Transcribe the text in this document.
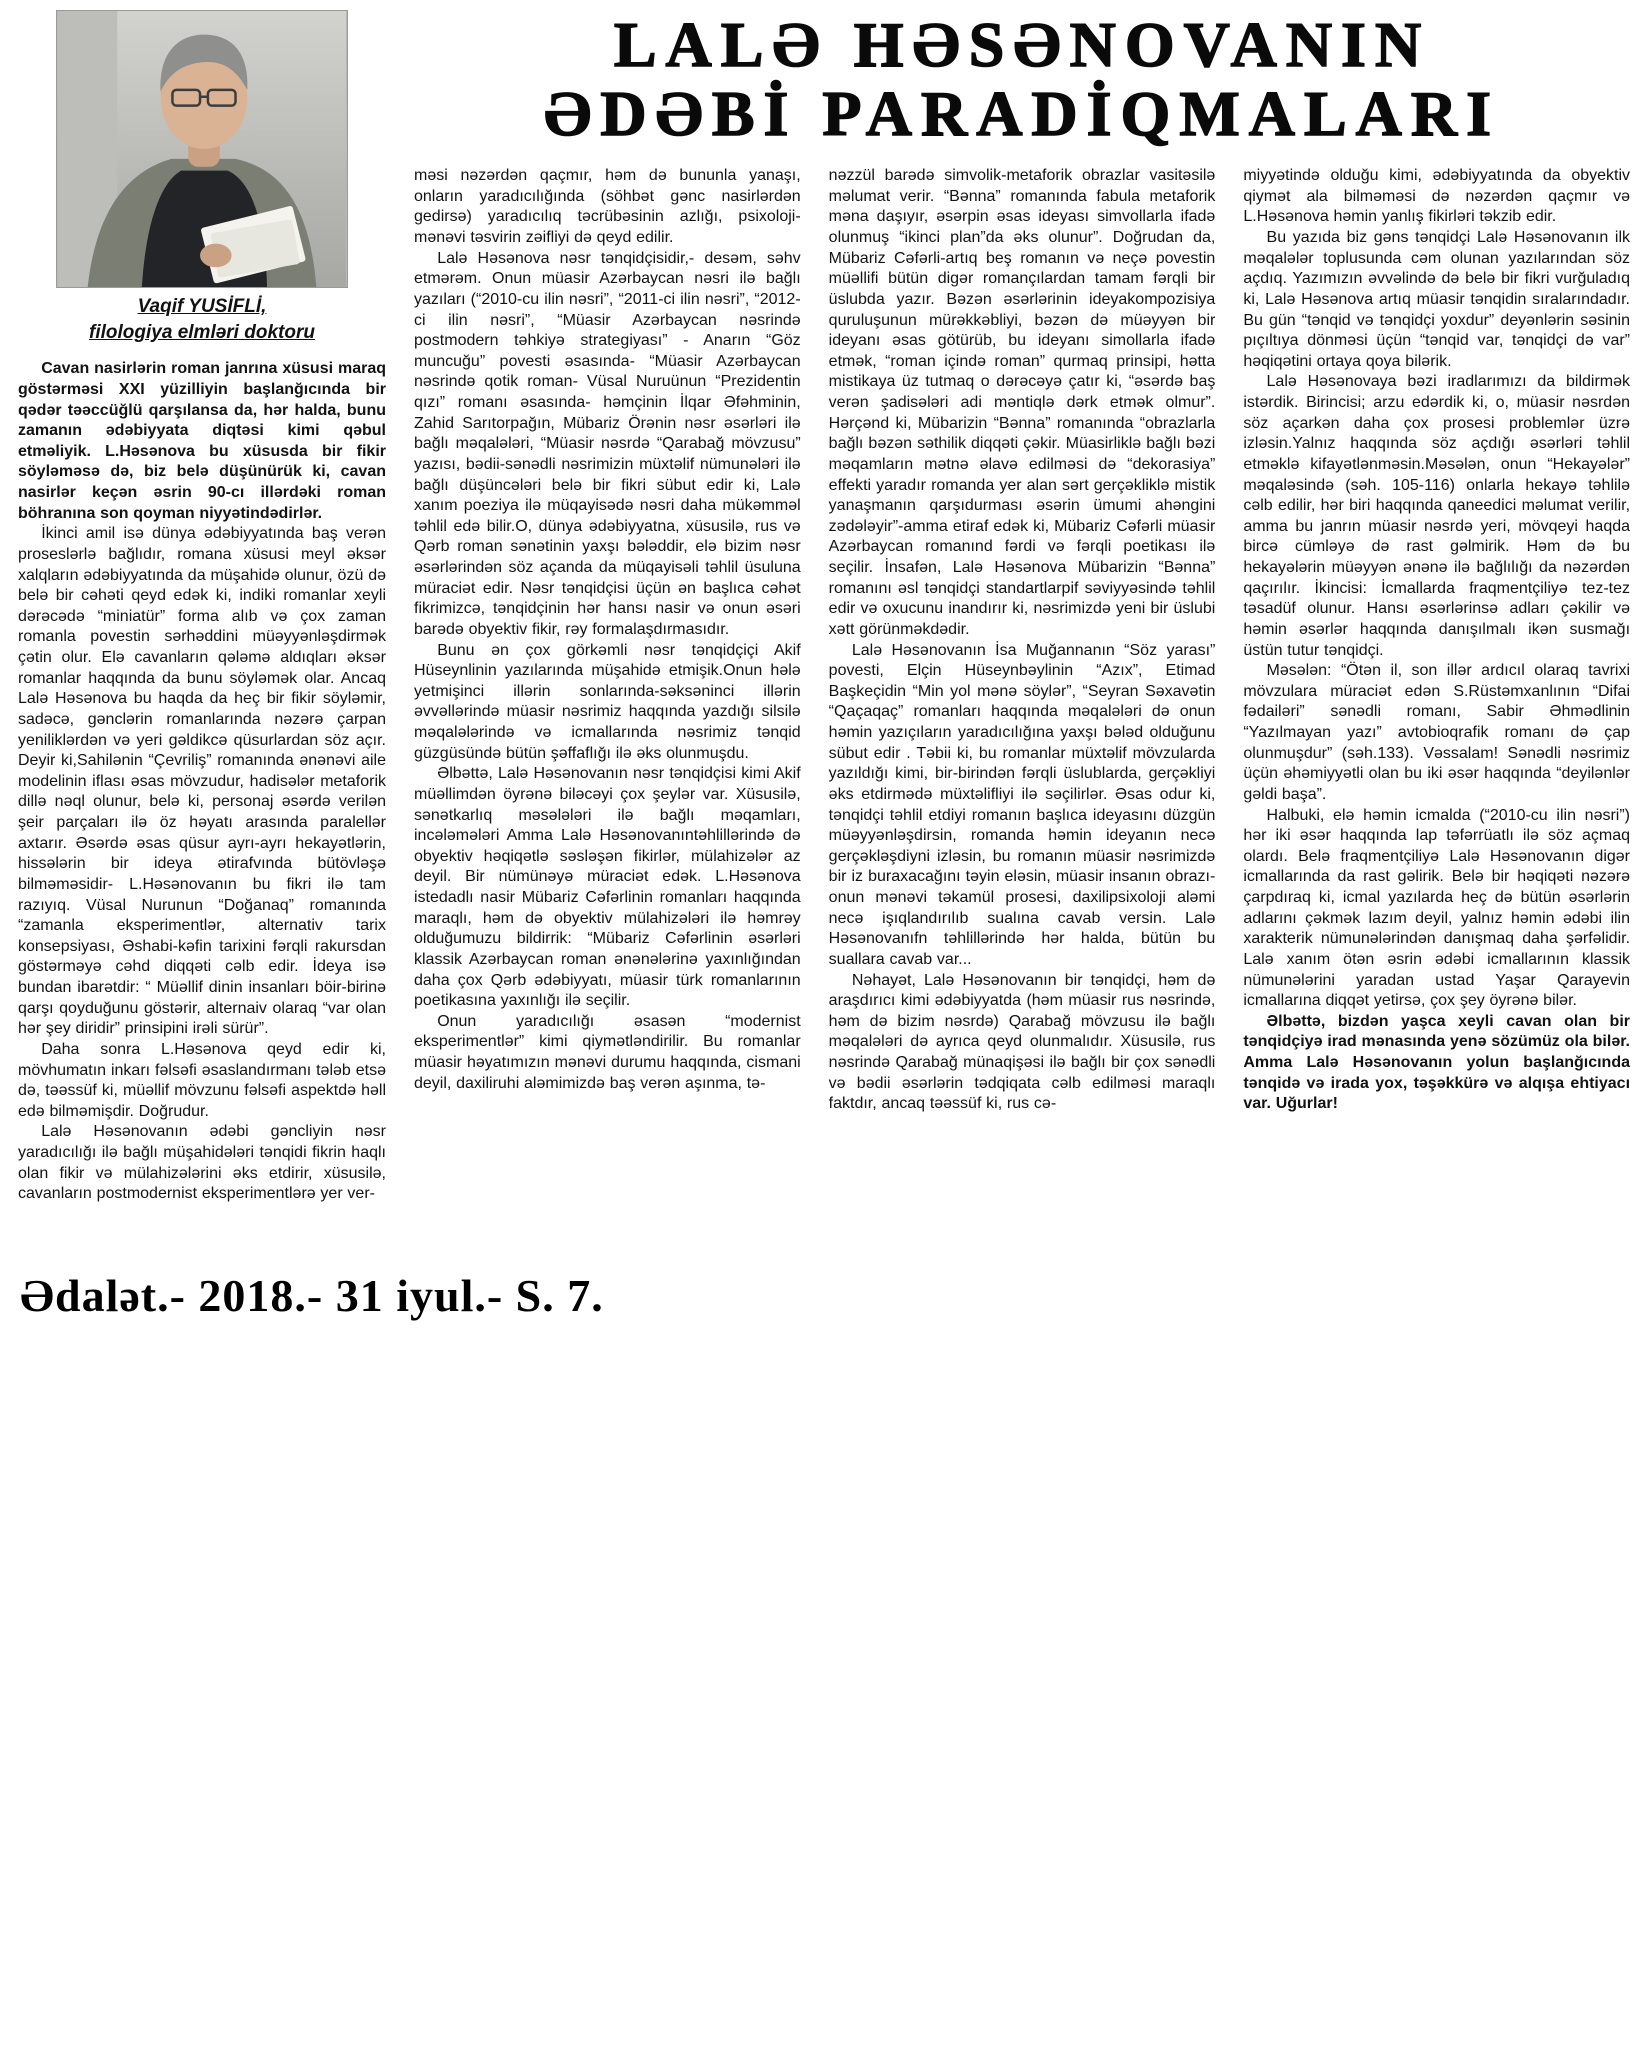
Vaqif YUSİFLİ,
filologiya elmləri doktoru

Cavan nasirlərin roman janrına xüsusi maraq göstərməsi XXI yüzilliyin başlanğıcında bir qədər təəccüğlü qarşılansa da, hər halda, bunu zamanın ədəbiyyata diqtəsi kimi qəbul etməliyik. L.Həsənova bu xüsusda bir fikir söyləməsə də, biz belə düşünürük ki, cavan nasirlər keçən əsrin 90-cı illərdəki roman böhranına son qoyman niyyətindədirlər.

İkinci amil isə dünya ədəbiyyatında baş verən proseslərlə bağlıdır, romana xüsusi meyl əksər xalqların ədəbiyyatında da müşahidə olunur, özü də belə bir cəhəti qeyd edək ki, indiki romanlar xeyli dərəcədə “miniatür” forma alıb və çox zaman romanla povestin sərhəddini müəyyənləşdirmək çətin olur. Elə cavanların qələmə aldıqları əksər romanlar haqqında da bunu söyləmək olar. Ancaq Lalə Həsənova bu haqda da heç bir fikir söyləmir, sadəcə, gənclərin romanlarında nəzərə çarpan yeniliklərdən və yeri gəldikcə qüsurlardan söz açır. Deyir ki,Sahilənin “Çevriliş” romanında ənənəvi aile modelinin iflası əsas mövzudur, hadisələr metaforik dillə nəql olunur, belə ki, personaj əsərdə verilən şeir parçaları ilə öz həyatı arasında paralellər axtarır. Əsərdə əsas qüsur ayrı-ayrı hekayətlərin, hissələrin bir ideya ətirafvında bütövləşə bilməməsidir- L.Həsənovanın bu fikri ilə tam razıyıq. Vüsal Nurunun “Doğanaq” romanında “zamanla eksperimentlər, alternativ tarix konsepsiyası, Əshabi-kəfin tarixini fərqli rakursdan göstərməyə cəhd diqqəti cəlb edir. İdeya isə bundan ibarətdir: “ Müəllif dinin insanları böir-birinə qarşı qoyduğunu göstərir, alternaiv olaraq “var olan hər şey diridir” prinsipini irəli sürür”.

Daha sonra L.Həsənova qeyd edir ki, mövhumatın inkarı fəlsəfi əsaslandırmanı tələb etsə də, təəssüf ki, müəllif mövzunu fəlsəfi aspektdə həll edə bilməmişdir. Doğrudur.

Lalə Həsənovanın ədəbi gəncliyin nəsr yaradıcılığı ilə bağlı müşahidələri tənqidi fikrin haqlı olan fikir və mülahizələrini əks etdirir, xüsusilə, cavanların postmodernist eksperimentlərə yer ver-

LALƏ HƏSƏNOVANIN
ƏDƏBİ PARADİQMALARI

məsi nəzərdən qaçmır, həm də bununla yanaşı, onların yaradıcılığında (söhbət gənc nasirlərdən gedirsə) yaradıcılıq təcrübəsinin azlığı, psixoloji-mənəvi təsvirin zəifliyi də qeyd edilir.

Lalə Həsənova nəsr tənqidçisidir,- desəm, səhv etmərəm. Onun müasir Azərbaycan nəsri ilə bağlı yazıları (“2010-cu ilin nəsri”, “2011-ci ilin nəsri”, “2012-ci ilin nəsri”, “Müasir Azərbaycan nəsrində postmodern təhkiyə strategiyası” - Anarın “Göz muncuğu” povesti əsasında- “Müasir Azərbaycan nəsrində qotik roman- Vüsal Nuruünun “Prezidentin qızı” romanı əsasında- həmçinin İlqar Əfəhminin, Zahid Sarıtorpağın, Mübariz Örənin nəsr əsərləri ilə bağlı məqalələri, “Müasir nəsrdə “Qarabağ mövzusu” yazısı, bədii-sənədli nəsrimizin müxtəlif nümunələri ilə bağlı düşüncələri belə bir fikri sübut edir ki, Lalə xanım poeziya ilə müqayisədə nəsri daha mükəmməl təhlil edə bilir.O, dünya ədəbiyyatna, xüsusilə, rus və Qərb roman sənətinin yaxşı bələddir, elə bizim nəsr əsərlərindən söz açanda da müqayisəli təhlil üsuluna müraciət edir. Nəsr tənqidçisi üçün ən başlıca cəhət fikrimizcə, tənqidçinin hər hansı nasir və onun əsəri barədə obyektiv fikir, rəy formalaşdırmasıdır.

Bunu ən çox görkəmli nəsr tənqidçiçi Akif Hüseynlinin yazılarında müşahidə etmişik.Onun hələ yetmişinci illərin sonlarında-səksəninci illərin əvvəllərində müasir nəsrimiz haqqında yazdığı silsilə məqalələrində və icmallarında nəsrimiz tənqid güzgüsündə bütün şəffaflığı ilə əks olunmuşdu.

Əlbəttə, Lalə Həsənovanın nəsr tənqidçisi kimi Akif müəllimdən öyrənə biləcəyi çox şeylər var. Xüsusilə, sənətkarlıq məsələləri ilə bağlı məqamları, incələmələri Amma Lalə Həsənovanıntəhlillərində də obyektiv həqiqətlə səsləşən fikirlər, mülahizələr az deyil. Bir nümünəyə müraciət edək. L.Həsənova istedadlı nasir Mübariz Cəfərlinin romanları haqqında maraqlı, həm də obyektiv mülahizələri ilə həmrəy olduğumuzu bildirrik: “Mübariz Cəfərlinin əsərləri klassik Azərbaycan roman ənənələrinə yaxınlığından daha çox Qərb ədəbiyyatı, müasir türk romanlarının poetikasına yaxınlığı ilə seçilir.

Onun yaradıcılığı əsasən “modernist eksperimentlər” kimi qiymətləndirilir. Bu romanlar müasir həyatımızın mənəvi durumu haqqında, cismani deyil, daxiliruhi aləmimizdə baş verən aşınma, tə-

nəzzül barədə simvolik-metaforik obrazlar vasitəsilə məlumat verir. “Bənna” romanında fabula metaforik məna daşıyır, əsərpin əsas ideyası simvollarla ifadə olunmuş “ikinci plan”da əks olunur”. Doğrudan da, Mübariz Cəfərli-artıq beş romanın və neçə povestin müəllifi bütün digər romançılardan tamam fərqli bir üslubda yazır. Bəzən əsərlərinin ideyakompozisiya quruluşunun mürəkkəbliyi, bəzən də müəyyən bir ideyanı əsas götürüb, bu ideyanı simollarla ifadə etmək, “roman içində roman” qurmaq prinsipi, hətta mistikaya üz tutmaq o dərəcəyə çatır ki, “əsərdə baş verən şadisələri adi məntiqlə dərk etmək olmur”. Hərçənd ki, Mübarizin “Bənna” romanında “obrazlarla bağlı bəzən səthilik diqqəti çəkir. Müasirliklə bağlı bəzi məqamların mətnə əlavə edilməsi də “dekorasiya” effekti yaradır romanda yer alan sərt gerçəkliklə mistik yanaşmanın qarşıdurması əsərin ümumi ahəngini zədələyir”-amma etiraf edək ki, Mübariz Cəfərli müasir Azərbaycan romanınd fərdi və fərqli poetikası ilə seçilir. İnsafən, Lalə Həsənova Mübarizin “Bənna” romanını əsl tənqidçi standartlarpif səviyyəsində təhlil edir və oxucunu inandırır ki, nəsrimizdə yeni bir üslubi xətt görünməkdədir.

Lalə Həsənovanın İsa Muğannanın “Söz yarası” povesti, Elçin Hüseynbəylinin “Azıx”, Etimad Başkeçidin “Min yol mənə söylər”, “Seyran Səxavətin “Qaçaqaç” romanları haqqında məqalələri də onun həmin yazıçıların yaradıcılığına yaxşı bələd olduğunu sübut edir . Təbii ki, bu romanlar müxtəlif mövzularda yazıldığı kimi, bir-birindən fərqli üslublarda, gerçəkliyi əks etdirmədə müxtəlifliyi ilə səçilirlər. Əsas odur ki, tənqidçi təhlil etdiyi romanın başlıca ideyasını düzgün müəyyənləşdirsin, romanda həmin ideyanın necə gerçəkləşdiyni izləsin, bu romanın müasir nəsrimizdə bir iz buraxacağını təyin eləsin, müasir insanın obrazı-onun mənəvi təkamül prosesi, daxilipsixoloji aləmi necə işıqlandırılıb sualına cavab versin. Lalə Həsənovanıfn təhlillərində hər halda, bütün bu suallara cavab var...

Nəhayət, Lalə Həsənovanın bir tənqidçi, həm də araşdırıcı kimi ədəbiyyatda (həm müasir rus nəsrində, həm də bizim nəsrdə) Qarabağ mövzusu ilə bağlı məqalələri də ayrıca qeyd olunmalıdır. Xüsusilə, rus nəsrində Qarabağ münaqişəsi ilə bağlı bir çox sənədli və bədii əsərlərin tədqiqata cəlb edilməsi maraqlı faktdır, ancaq təəssüf ki, rus cə-

miyyətində olduğu kimi, ədəbiyyatında da obyektiv qiymət ala bilməməsi də nəzərdən qaçmır və L.Həsənova həmin yanlış fikirləri təkzib edir.

Bu yazıda biz gəns tənqidçi Lalə Həsənovanın ilk məqalələr toplusunda cəm olunan yazılarından söz açdıq. Yazımızın əvvəlində də belə bir fikri vurğuladıq ki, Lalə Həsənova artıq müasir tənqidin sıralarındadır. Bu gün “tənqid və tənqidçi yoxdur” deyənlərin səsinin pıçıltıya dönməsi üçün “tənqid var, tənqidçi də var” həqiqətini ortaya qoya bilərik.

Lalə Həsənovaya bəzi iradlarımızı da bildirmək istərdik. Birincisi; arzu edərdik ki, o, müasir nəsrdən söz açarkən daha çox prosesi problemlər üzrə izləsin.Yalnız haqqında söz açdığı əsərləri təhlil etməklə kifayətlənməsin.Məsələn, onun “Hekayələr” məqaləsində (səh. 105-116) onlarla hekayə təhlilə cəlb edilir, hər biri haqqında qaneedici məlumat verilir, amma bu janrın müasir nəsrdə yeri, mövqeyi haqda bircə cümləyə də rast gəlmirik. Həm də bu hekayələrin müəyyən ənənə ilə bağlılığı da nəzərdən qaçırılır. İkincisi: İcmallarda fraqmentçiliyə tez-tez təsadüf olunur. Hansı əsərlərinsə adları çəkilir və həmin əsərlər haqqında danışılmalı ikən susmağı üstün tutur tənqidçi.

Məsələn: “Ötən il, son illər ardıcıl olaraq tavrixi mövzulara müraciət edən S.Rüstəmxanlının “Difai fədailəri” sənədli romanı, Sabir Əhmədlinin “Yazılmayan yazı” avtobioqrafik romanı də çap olunmuşdur” (səh.133). Vəssalam! Sənədli nəsrimiz üçün əhəmiyyətli olan bu iki əsər haqqında “deyilənlər gəldi başa”.

Halbuki, elə həmin icmalda (“2010-cu ilin nəsri”) hər iki əsər haqqında lap təfərrüatlı ilə söz açmaq olardı. Belə fraqmentçiliyə Lalə Həsənovanın digər icmallarında da rast gəlirik. Belə bir həqiqəti nəzərə çarpdıraq ki, icmal yazılarda heç də bütün əsərlərin adlarını çəkmək lazım deyil, yalnız həmin ədəbi ilin xarakterik nümunələrindən danışmaq daha şərfəlidir. Lalə xanım ötən əsrin ədəbi icmallarının klassik nümunələrini yaradan ustad Yaşar Qarayevin icmallarına diqqət yetirsə, çox şey öyrənə bilər.

Əlbəttə, bizdən yaşca xeyli cavan olan bir tənqidçiyə irad mənasında yenə sözümüz ola bilər. Amma Lalə Həsənovanın yolun başlanğıcında tənqidə və irada yox, təşəkkürə və alqışa ehtiyacı var. Uğurlar!

Ədalət.- 2018.- 31 iyul.- S. 7.
